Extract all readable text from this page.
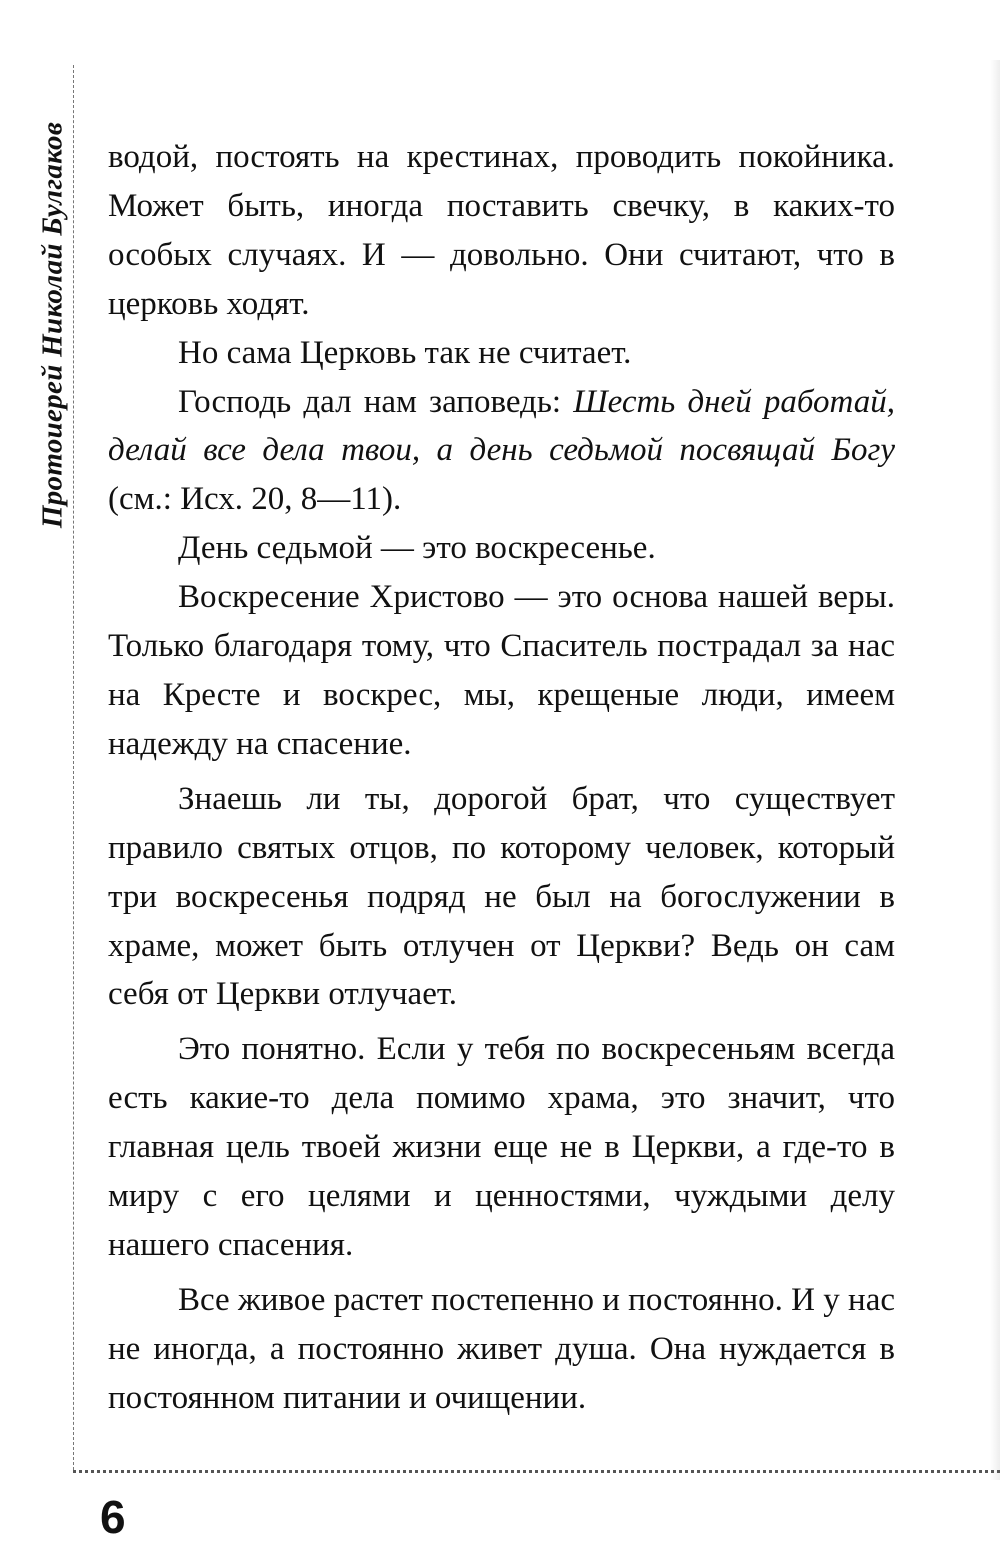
Протоиерей Николай Булгаков водой, постоять на крестинах, проводить покойника. Может быть, иногда поставить свечку, в каких-то особых случаях. И — довольно. Они считают, что в церковь ходят.

Но сама Церковь так не считает.

Господь дал нам заповедь: Шесть дней работай, делай все дела твои, а день седьмой посвящай Богу (см.: Исх. 20, 8—11).

День седьмой — это воскресенье.

Воскресение Христово — это основа нашей веры. Только благодаря тому, что Спаситель пострадал за нас на Кресте и воскрес, мы, крещеные люди, имеем надежду на спасение.

Знаешь ли ты, дорогой брат, что существует правило святых отцов, по которому человек, который три воскресенья подряд не был на богослужении в храме, может быть отлучен от Церкви? Ведь он сам себя от Церкви отлучает.

Это понятно. Если у тебя по воскресеньям всегда есть какие-то дела помимо храма, это значит, что главная цель твоей жизни еще не в Церкви, а где-то в миру с его целями и ценностями, чуждыми делу нашего спасения.

Все живое растет постепенно и постоянно. И у нас не иногда, а постоянно живет душа. Она нуждается в постоянном питании и очищении.

6
